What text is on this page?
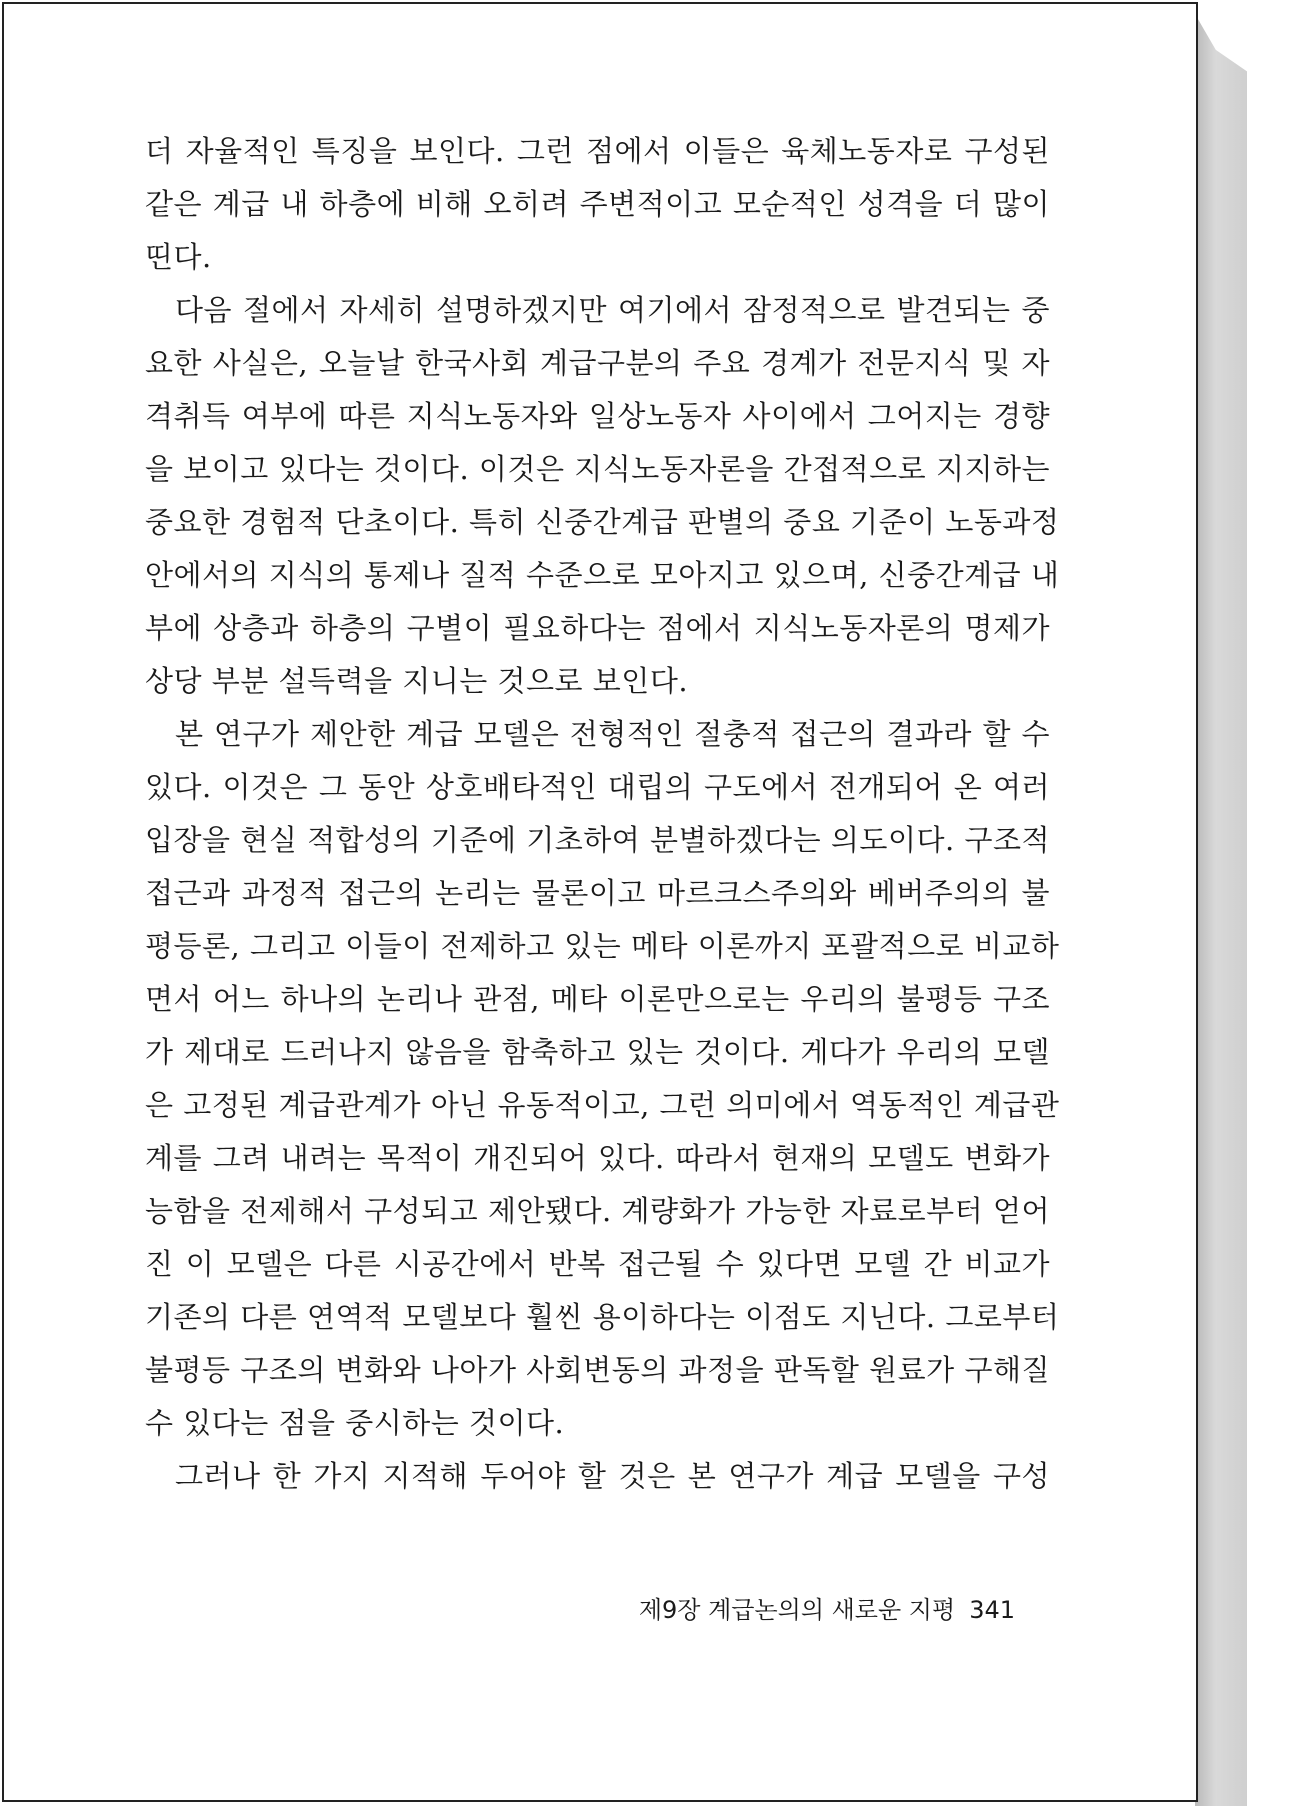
더 자율적인 특징을 보인다. 그런 점에서 이들은 육체노동자로 구성된
같은 계급 내 하층에 비해 오히려 주변적이고 모순적인 성격을 더 많이
띤다.
다음 절에서 자세히 설명하겠지만 여기에서 잠정적으로 발견되는 중
요한 사실은, 오늘날 한국사회 계급구분의 주요 경계가 전문지식 및 자
격취득 여부에 따른 지식노동자와 일상노동자 사이에서 그어지는 경향
을 보이고 있다는 것이다. 이것은 지식노동자론을 간접적으로 지지하는
중요한 경험적 단초이다. 특히 신중간계급 판별의 중요 기준이 노동과정
안에서의 지식의 통제나 질적 수준으로 모아지고 있으며, 신중간계급 내
부에 상층과 하층의 구별이 필요하다는 점에서 지식노동자론의 명제가
상당 부분 설득력을 지니는 것으로 보인다.
본 연구가 제안한 계급 모델은 전형적인 절충적 접근의 결과라 할 수
있다. 이것은 그 동안 상호배타적인 대립의 구도에서 전개되어 온 여러
입장을 현실 적합성의 기준에 기초하여 분별하겠다는 의도이다. 구조적
접근과 과정적 접근의 논리는 물론이고 마르크스주의와 베버주의의 불
평등론, 그리고 이들이 전제하고 있는 메타 이론까지 포괄적으로 비교하
면서 어느 하나의 논리나 관점, 메타 이론만으로는 우리의 불평등 구조
가 제대로 드러나지 않음을 함축하고 있는 것이다. 게다가 우리의 모델
은 고정된 계급관계가 아닌 유동적이고, 그런 의미에서 역동적인 계급관
계를 그려 내려는 목적이 개진되어 있다. 따라서 현재의 모델도 변화가
능함을 전제해서 구성되고 제안됐다. 계량화가 가능한 자료로부터 얻어
진 이 모델은 다른 시공간에서 반복 접근될 수 있다면 모델 간 비교가
기존의 다른 연역적 모델보다 훨씬 용이하다는 이점도 지닌다. 그로부터
불평등 구조의 변화와 나아가 사회변동의 과정을 판독할 원료가 구해질
수 있다는 점을 중시하는 것이다.
그러나 한 가지 지적해 두어야 할 것은 본 연구가 계급 모델을 구성
제9장 계급논의의 새로운 지평 341
